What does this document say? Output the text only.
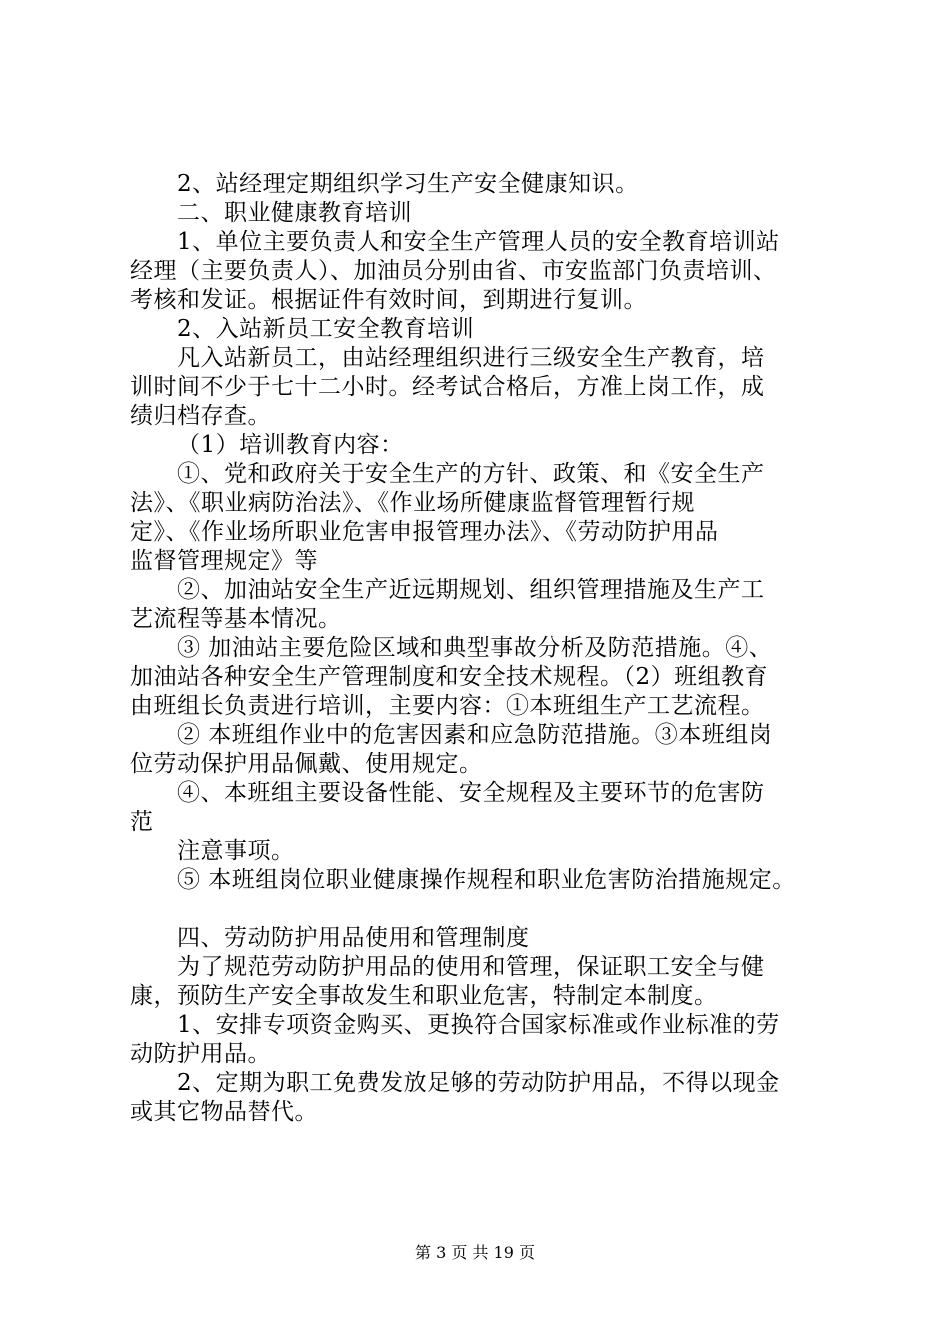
2、站经理定期组织学习生产安全健康知识。
二、职业健康教育培训
1、单位主要负责人和安全生产管理人员的安全教育培训站
经理（主要负责人）、加油员分别由省、市安监部门负责培训、
考核和发证。根据证件有效时间，到期进行复训。
2、入站新员工安全教育培训
凡入站新员工，由站经理组织进行三级安全生产教育，培
训时间不少于七十二小时。经考试合格后，方准上岗工作，成
绩归档存查。
（1）培训教育内容：
①、党和政府关于安全生产的方针、政策、和《安全生产
法》、《职业病防治法》、《作业场所健康监督管理暂行规
定》、《作业场所职业危害申报管理办法》、《劳动防护用品
监督管理规定》等
②、加油站安全生产近远期规划、组织管理措施及生产工
艺流程等基本情况。
③ 加油站主要危险区域和典型事故分析及防范措施。④、
加油站各种安全生产管理制度和安全技术规程。（2）班组教育
由班组长负责进行培训，主要内容：①本班组生产工艺流程。
② 本班组作业中的危害因素和应急防范措施。③本班组岗
位劳动保护用品佩戴、使用规定。
④、本班组主要设备性能、安全规程及主要环节的危害防
范
注意事项。
⑤ 本班组岗位职业健康操作规程和职业危害防治措施规定。
四、劳动防护用品使用和管理制度
为了规范劳动防护用品的使用和管理，保证职工安全与健
康，预防生产安全事故发生和职业危害，特制定本制度。
1、安排专项资金购买、更换符合国家标准或作业标准的劳
动防护用品。
2、定期为职工免费发放足够的劳动防护用品，不得以现金
或其它物品替代。
第 3 页 共 19 页
